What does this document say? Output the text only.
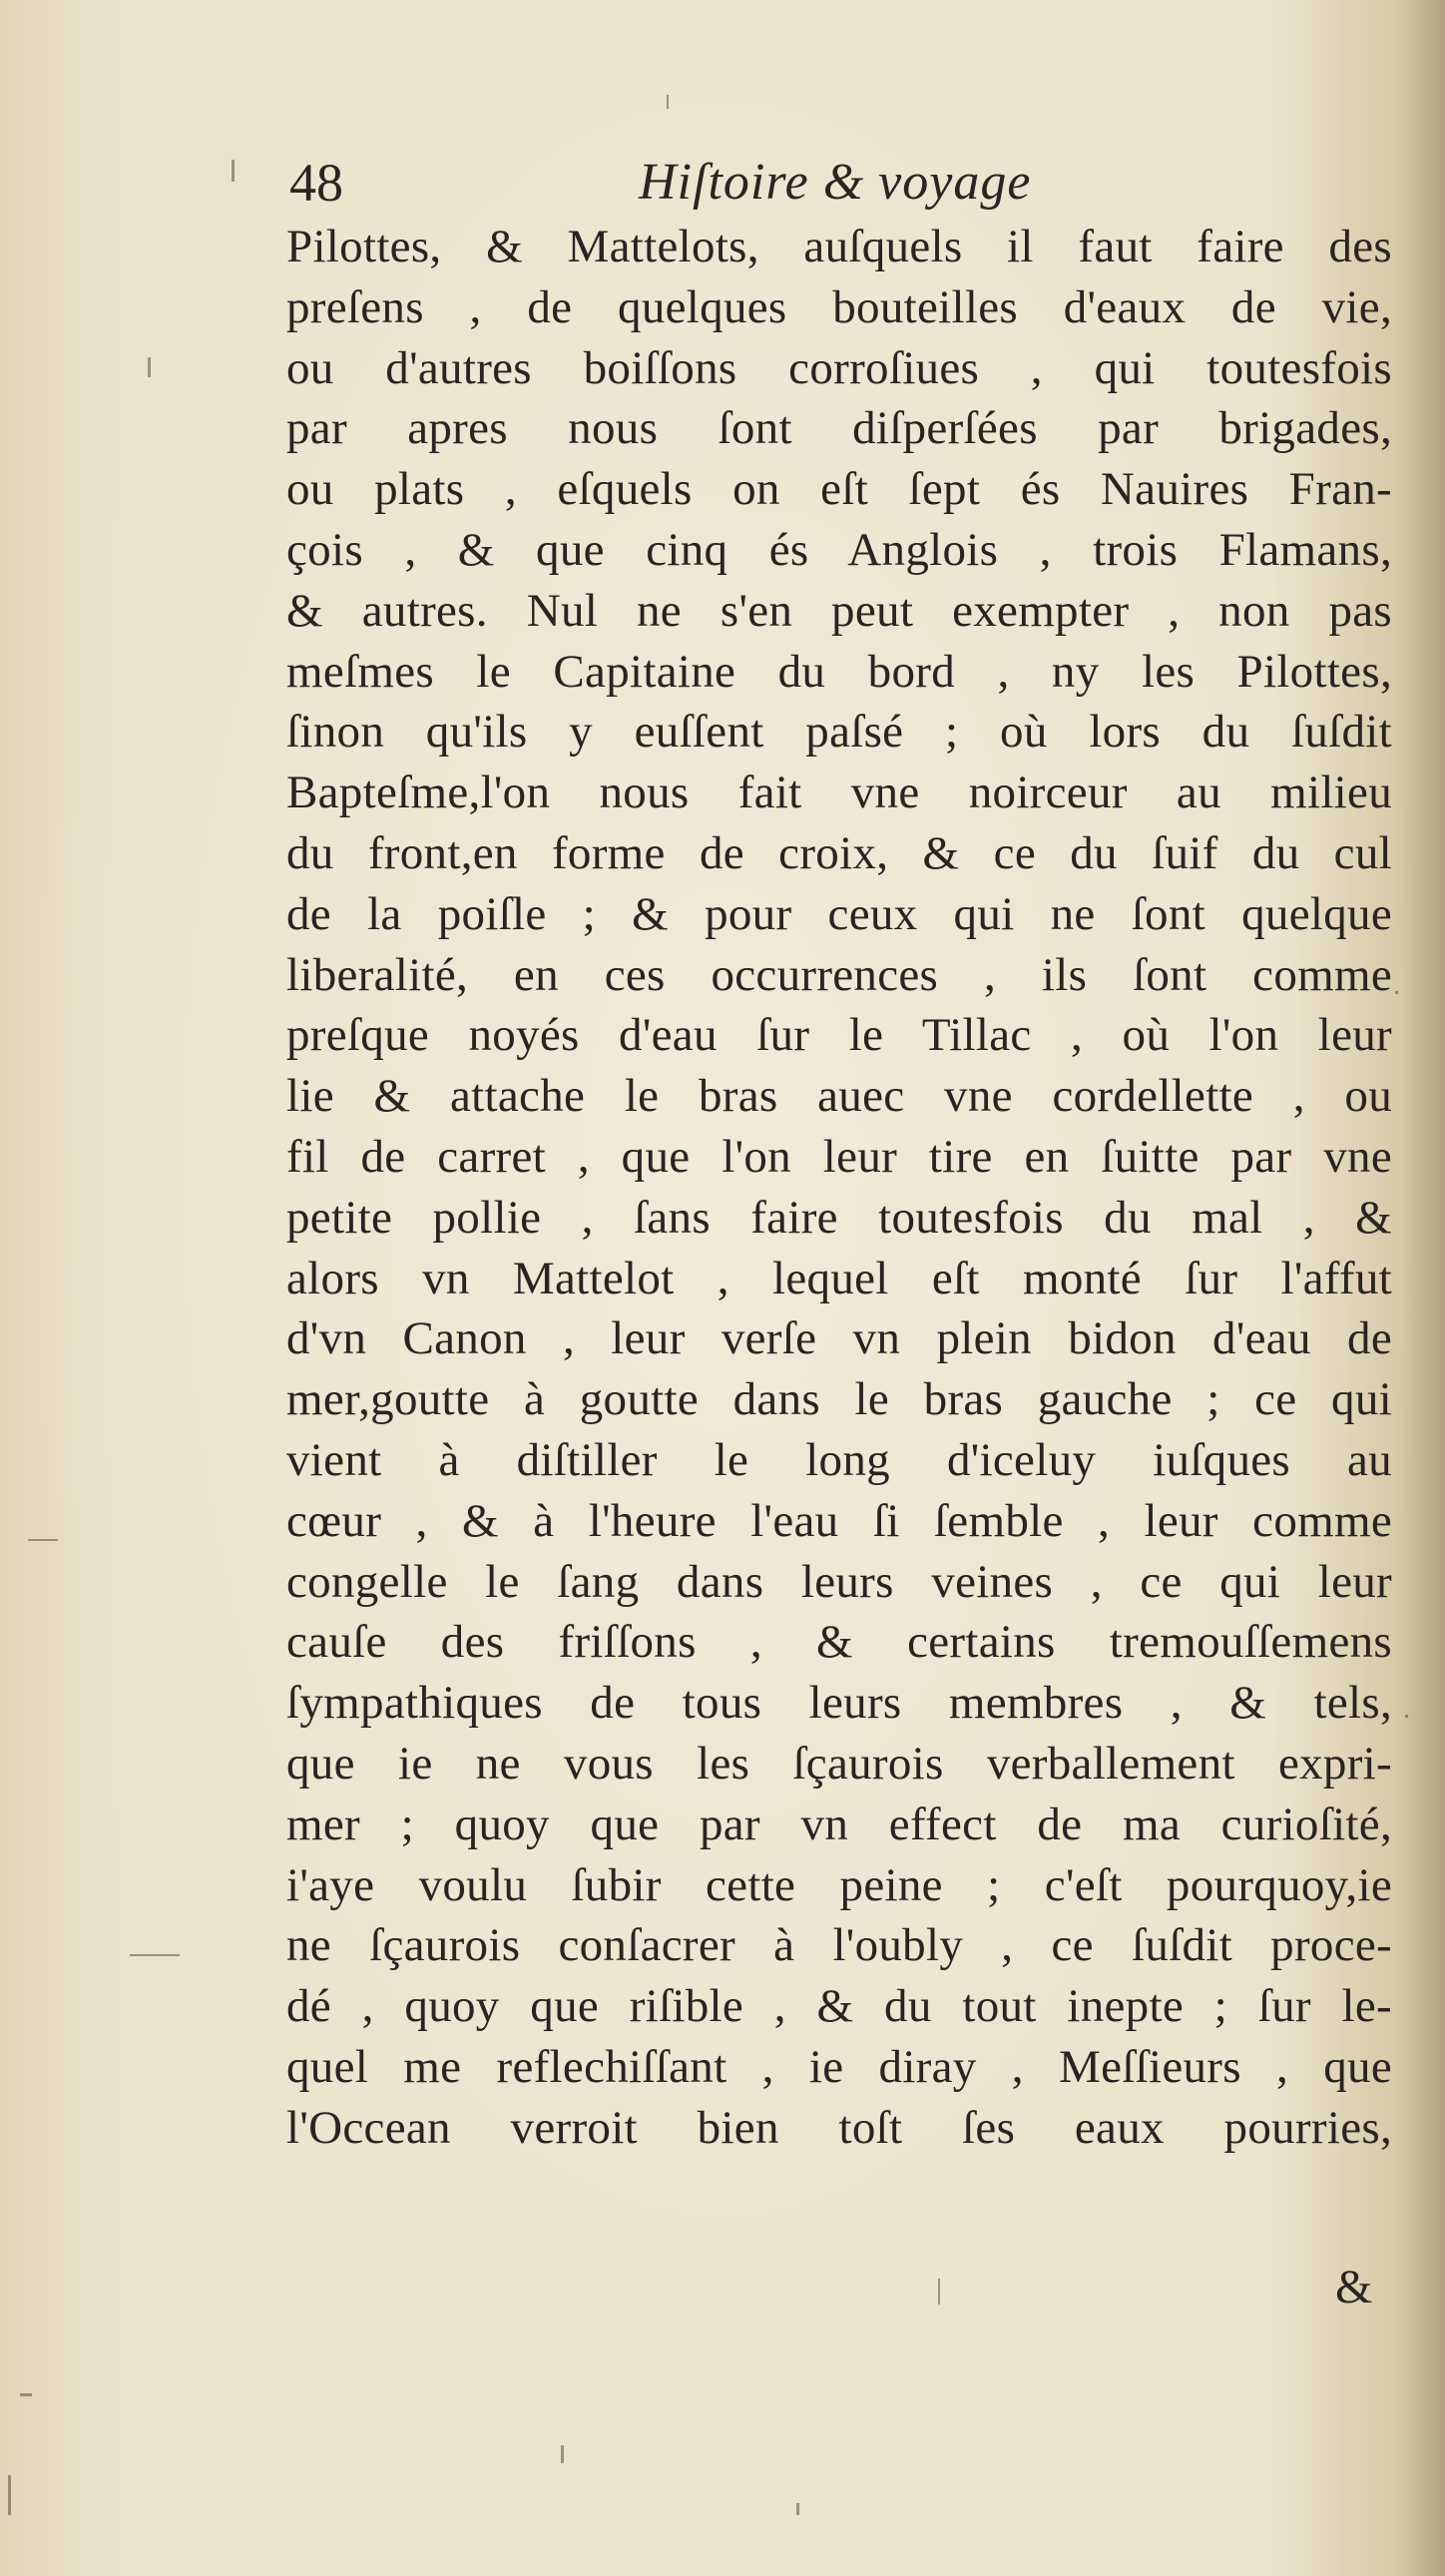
48	Hiſtoire & voyage
Pilottes, & Mattelots, auſquels il faut faire des
preſens , de quelques bouteilles d'eaux de vie,
ou d'autres boiſſons corroſiues , qui toutesfois
par apres nous ſont diſperſées par brigades,
ou plats , eſquels on eſt ſept és Nauires Fran-
çois , & que cinq és Anglois , trois Flamans,
& autres. Nul ne s'en peut exempter , non pas
meſmes le Capitaine du bord , ny les Pilottes,
ſinon qu'ils y euſſent paſsé ; où lors du ſuſdit
Bapteſme,l'on nous fait vne noirceur au milieu
du front,en forme de croix, & ce du ſuif du cul
de la poiſle ; & pour ceux qui ne ſont quelque
liberalité, en ces occurrences , ils ſont comme
preſque noyés d'eau ſur le Tillac , où l'on leur
lie & attache le bras auec vne cordellette , ou
fil de carret , que l'on leur tire en ſuitte par vne
petite pollie , ſans faire toutesfois du mal , &
alors vn Mattelot , lequel eſt monté ſur l'affut
d'vn Canon , leur verſe vn plein bidon d'eau de
mer,goutte à goutte dans le bras gauche ; ce qui
vient à diſtiller le long d'iceluy iuſques au
cœur , & à l'heure l'eau ſi ſemble , leur comme
congelle le ſang dans leurs veines , ce qui leur
cauſe des friſſons , & certains tremouſſemens
ſympathiques de tous leurs membres , & tels,
que ie ne vous les ſçaurois verballement expri-
mer ; quoy que par vn effect de ma curioſité,
i'aye voulu ſubir cette peine ; c'eſt pourquoy,ie
ne ſçaurois conſacrer à l'oubly , ce ſuſdit proce-
dé , quoy que riſible , & du tout inepte ; ſur le-
quel me reflechiſſant , ie diray , Meſſieurs , que
l'Occean verroit bien toſt ſes eaux pourries,
&
